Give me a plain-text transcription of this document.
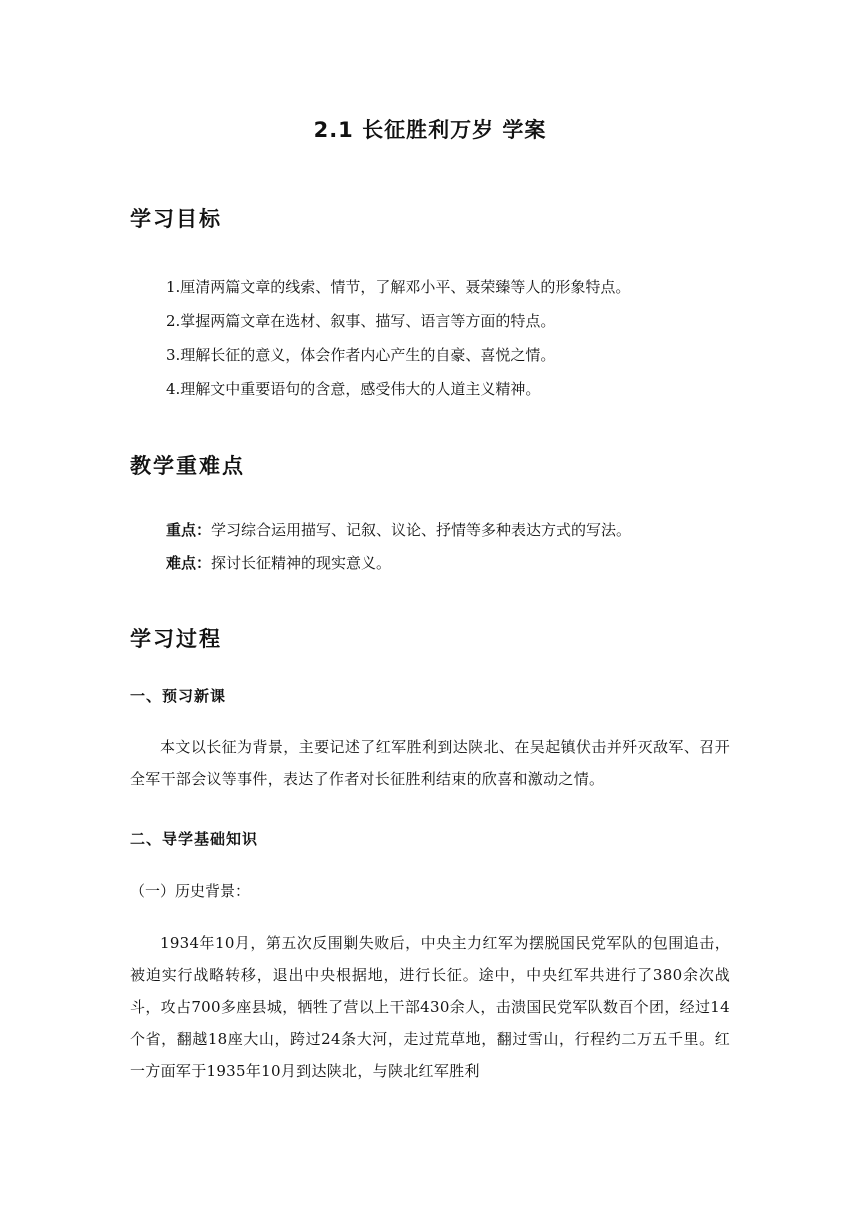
2.1 长征胜利万岁 学案
学习目标
1.厘清两篇文章的线索、情节，了解邓小平、聂荣臻等人的形象特点。
2.掌握两篇文章在选材、叙事、描写、语言等方面的特点。
3.理解长征的意义，体会作者内心产生的自豪、喜悦之情。
4.理解文中重要语句的含意，感受伟大的人道主义精神。
教学重难点
重点：学习综合运用描写、记叙、议论、抒情等多种表达方式的写法。
难点：探讨长征精神的现实意义。
学习过程
一、预习新课
本文以长征为背景，主要记述了红军胜利到达陕北、在吴起镇伏击并歼灭敌军、召开全军干部会议等事件，表达了作者对长征胜利结束的欣喜和激动之情。
二、导学基础知识
（一）历史背景：
1934年10月，第五次反围剿失败后，中央主力红军为摆脱国民党军队的包围追击，被迫实行战略转移，退出中央根据地，进行长征。途中，中央红军共进行了380余次战斗，攻占700多座县城，牺牲了营以上干部430余人，击溃国民党军队数百个团，经过14个省，翻越18座大山，跨过24条大河，走过荒草地，翻过雪山，行程约二万五千里。红一方面军于1935年10月到达陕北，与陕北红军胜利
